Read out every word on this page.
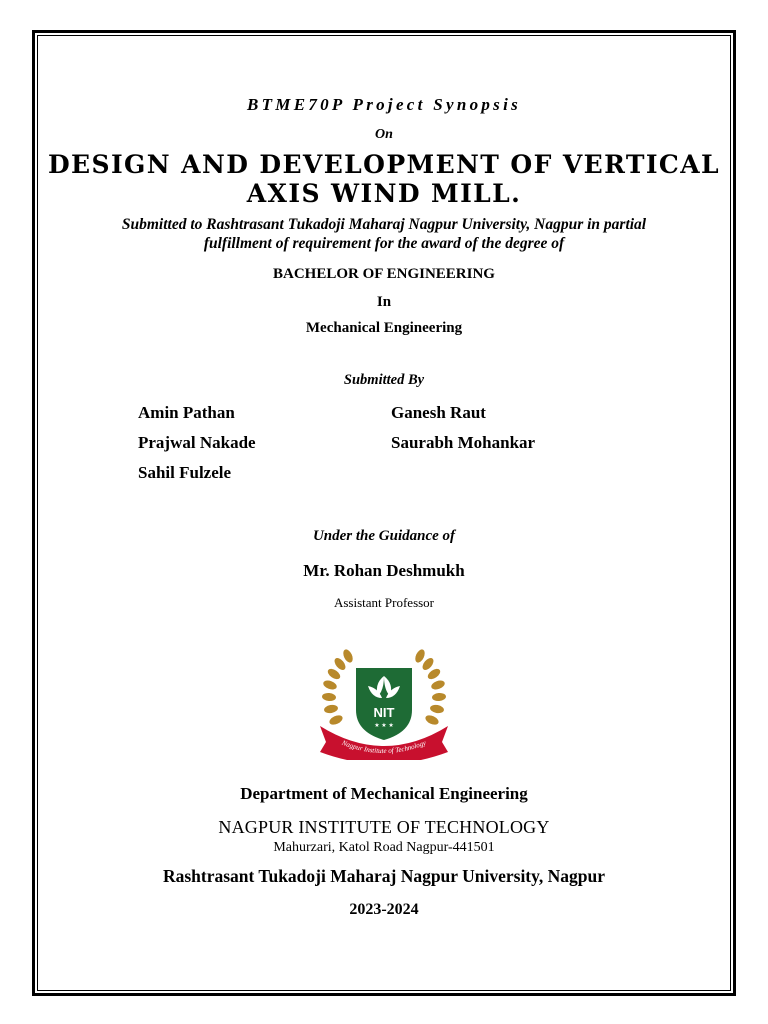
BTME70P Project Synopsis
On
DESIGN AND DEVELOPMENT OF VERTICAL
AXIS WIND MILL.
Submitted to Rashtrasant Tukadoji Maharaj Nagpur University, Nagpur in partial
fulfillment of requirement for the award of the degree of
BACHELOR OF ENGINEERING
In
Mechanical Engineering
Submitted By
Amin Pathan	Ganesh Raut
Prajwal Nakade	Saurabh Mohankar
Sahil Fulzele
Under the Guidance of
Mr. Rohan Deshmukh
Assistant Professor
NIT
★ ★ ★
Nagpur Institute of Technology
Department of Mechanical Engineering
NAGPUR INSTITUTE OF TECHNOLOGY
Mahurzari, Katol Road Nagpur-441501
Rashtrasant Tukadoji Maharaj Nagpur University, Nagpur
2023-2024
